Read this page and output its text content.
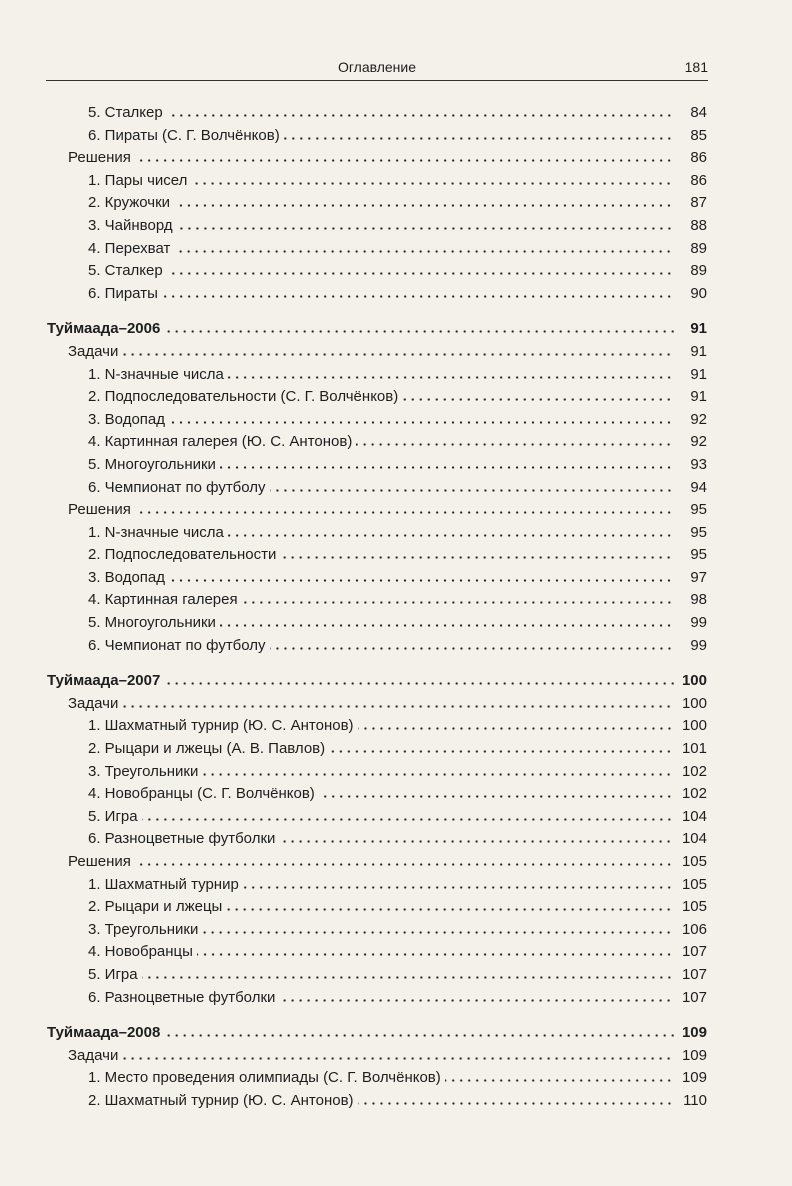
Оглавление	181
5. Сталкер	84
6. Пираты (С. Г. Волчёнков)	85
Решения	86
1. Пары чисел	86
2. Кружочки	87
3. Чайнворд	88
4. Перехват	89
5. Сталкер	89
6. Пираты	90
Туймаада–2006	91
Задачи	91
1. N-значные числа	91
2. Подпоследовательности (С. Г. Волчёнков)	91
3. Водопад	92
4. Картинная галерея (Ю. С. Антонов)	92
5. Многоугольники	93
6. Чемпионат по футболу	94
Решения	95
1. N-значные числа	95
2. Подпоследовательности	95
3. Водопад	97
4. Картинная галерея	98
5. Многоугольники	99
6. Чемпионат по футболу	99
Туймаада–2007	100
Задачи	100
1. Шахматный турнир (Ю. С. Антонов)	100
2. Рыцари и лжецы (А. В. Павлов)	101
3. Треугольники	102
4. Новобранцы (С. Г. Волчёнков)	102
5. Игра	104
6. Разноцветные футболки	104
Решения	105
1. Шахматный турнир	105
2. Рыцари и лжецы	105
3. Треугольники	106
4. Новобранцы	107
5. Игра	107
6. Разноцветные футболки	107
Туймаада–2008	109
Задачи	109
1. Место проведения олимпиады (С. Г. Волчёнков)	109
2. Шахматный турнир (Ю. С. Антонов)	110
